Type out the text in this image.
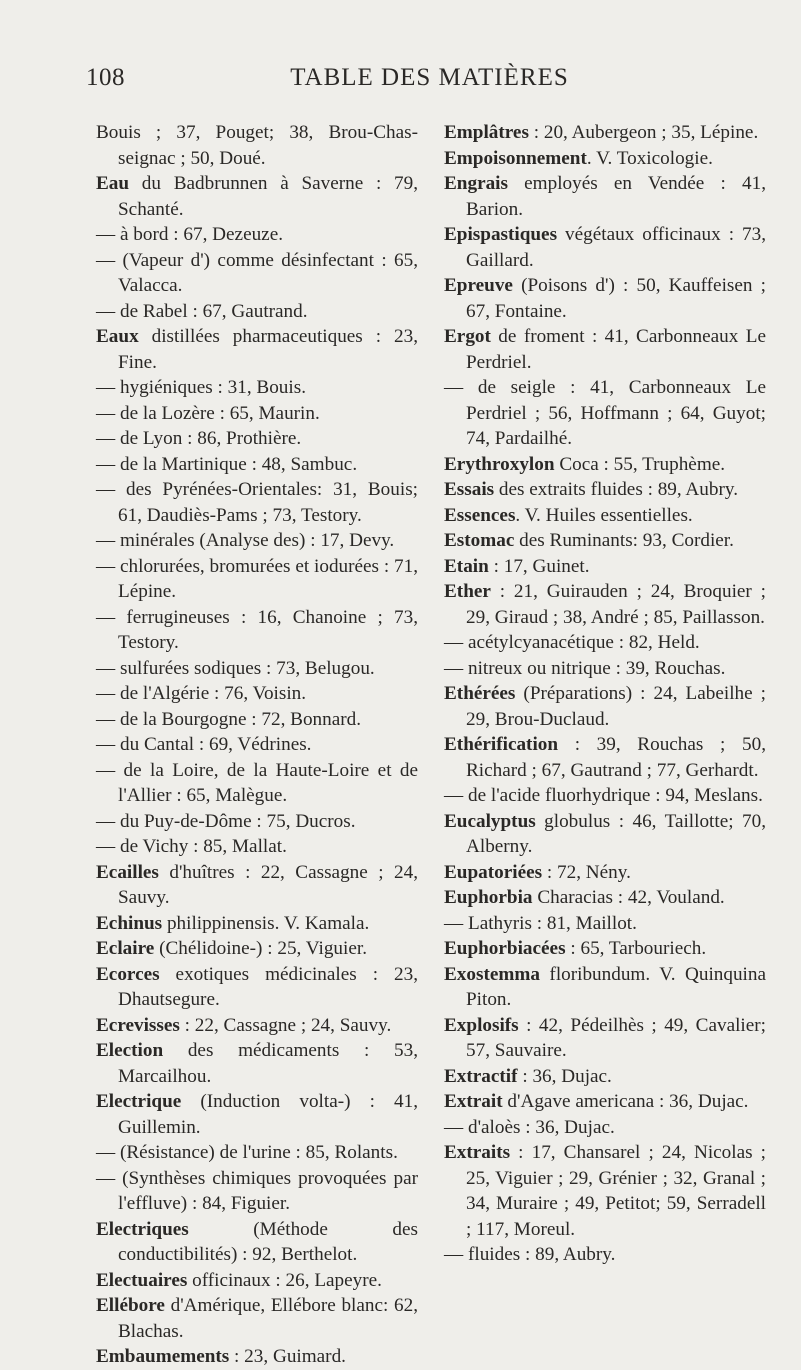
108	TABLE DES MATIÈRES
Bouis ; 37, Pouget; 38, Brou-Chas-seignac ; 50, Doué.
Eau du Badbrunnen à Saverne : 79, Schanté.
— à bord : 67, Dezeuze.
— (Vapeur d') comme désinfectant : 65, Valacca.
— de Rabel : 67, Gautrand.
Eaux distillées pharmaceutiques : 23, Fine.
— hygiéniques : 31, Bouis.
— de la Lozère : 65, Maurin.
— de Lyon : 86, Prothière.
— de la Martinique : 48, Sambuc.
— des Pyrénées-Orientales: 31, Bouis; 61, Daudiès-Pams ; 73, Testory.
— minérales (Analyse des) : 17, Devy.
— chlorurées, bromurées et iodurées : 71, Lépine.
— ferrugineuses : 16, Chanoine ; 73, Testory.
— sulfurées sodiques : 73, Belugou.
— de l'Algérie : 76, Voisin.
— de la Bourgogne : 72, Bonnard.
— du Cantal : 69, Védrines.
— de la Loire, de la Haute-Loire et de l'Allier : 65, Malègue.
— du Puy-de-Dôme : 75, Ducros.
— de Vichy : 85, Mallat.
Ecailles d'huîtres : 22, Cassagne ; 24, Sauvy.
Echinus philippinensis. V. Kamala.
Eclaire (Chélidoine-) : 25, Viguier.
Ecorces exotiques médicinales : 23, Dhautsegure.
Ecrevisses : 22, Cassagne ; 24, Sauvy.
Election des médicaments : 53, Marcailhou.
Electrique (Induction volta-) : 41, Guillemin.
— (Résistance) de l'urine : 85, Rolants.
— (Synthèses chimiques provoquées par l'effluve) : 84, Figuier.
Electriques (Méthode des conductibilités) : 92, Berthelot.
Electuaires officinaux : 26, Lapeyre.
Ellébore d'Amérique, Ellébore blanc: 62, Blachas.
Embaumements : 23, Guimard.
Emplâtres : 20, Aubergeon ; 35, Lépine.
Empoisonnement. V. Toxicologie.
Engrais employés en Vendée : 41, Barion.
Epispastiques végétaux officinaux : 73, Gaillard.
Epreuve (Poisons d') : 50, Kauffeisen ; 67, Fontaine.
Ergot de froment : 41, Carbonneaux Le Perdriel.
— de seigle : 41, Carbonneaux Le Perdriel ; 56, Hoffmann ; 64, Guyot; 74, Pardailhé.
Erythroxylon Coca : 55, Truphème.
Essais des extraits fluides : 89, Aubry.
Essences. V. Huiles essentielles.
Estomac des Ruminants: 93, Cordier.
Etain : 17, Guinet.
Ether : 21, Guirauden ; 24, Broquier ; 29, Giraud ; 38, André ; 85, Paillasson.
— acétylcyanacétique : 82, Held.
— nitreux ou nitrique : 39, Rouchas.
Ethérées (Préparations) : 24, Labeilhe ; 29, Brou-Duclaud.
Ethérification : 39, Rouchas ; 50, Richard ; 67, Gautrand ; 77, Gerhardt.
— de l'acide fluorhydrique : 94, Meslans.
Eucalyptus globulus : 46, Taillotte; 70, Alberny.
Eupatoriées : 72, Nény.
Euphorbia Characias : 42, Vouland.
— Lathyris : 81, Maillot.
Euphorbiacées : 65, Tarbouriech.
Exostemma floribundum. V. Quinquina Piton.
Explosifs : 42, Pédeilhès ; 49, Cavalier; 57, Sauvaire.
Extractif : 36, Dujac.
Extrait d'Agave americana : 36, Dujac.
— d'aloès : 36, Dujac.
Extraits : 17, Chansarel ; 24, Nicolas ; 25, Viguier ; 29, Grénier ; 32, Granal ; 34, Muraire ; 49, Petitot; 59, Serradell ; 117, Moreul.
— fluides : 89, Aubry.
